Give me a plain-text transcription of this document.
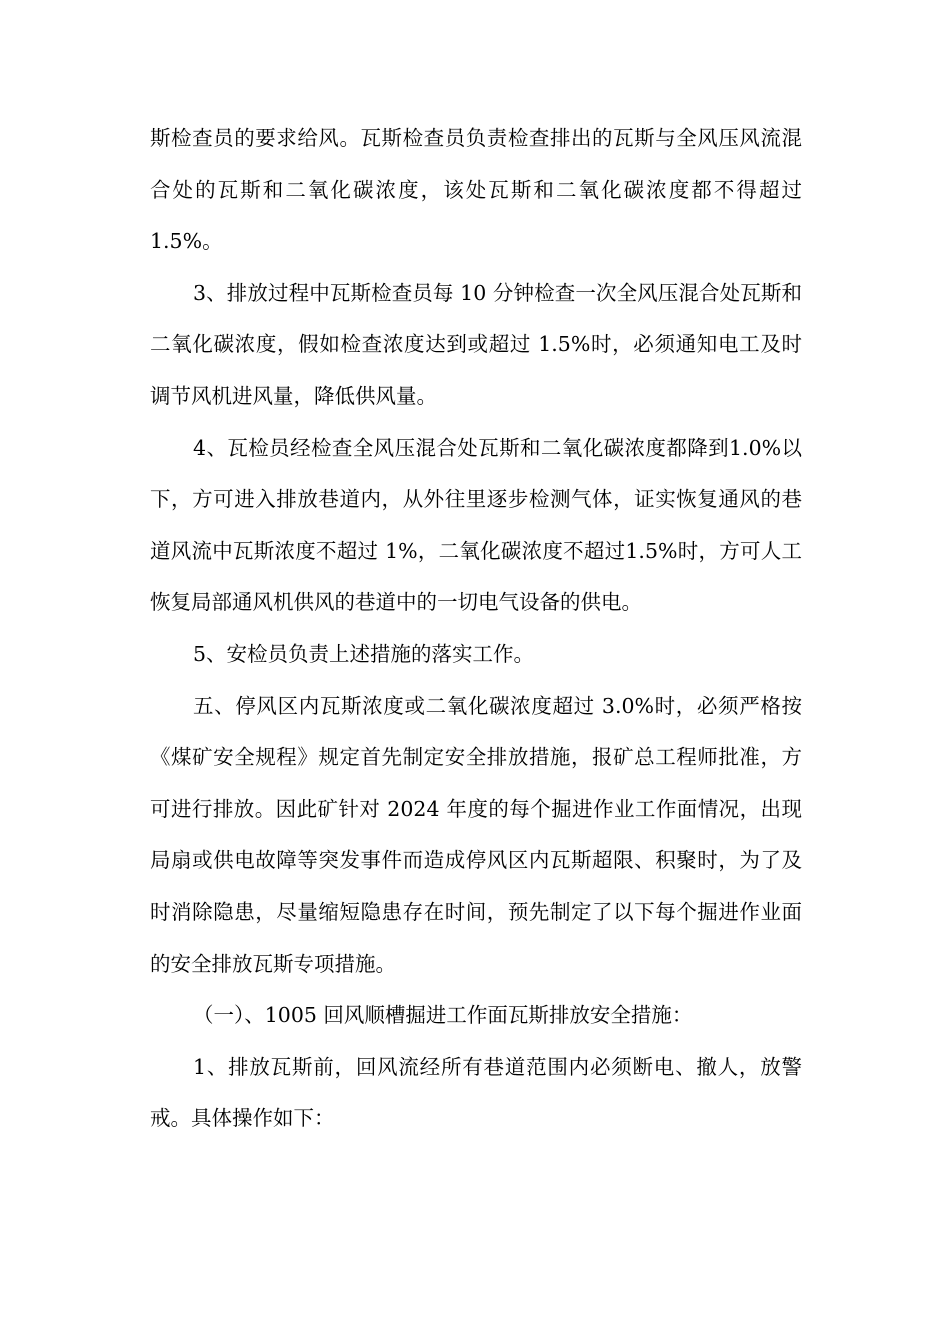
斯检查员的要求给风。瓦斯检查员负责检查排出的瓦斯与全风压风流混合处的瓦斯和二氧化碳浓度，该处瓦斯和二氧化碳浓度都不得超过 1.5%。

3、排放过程中瓦斯检查员每 10 分钟检查一次全风压混合处瓦斯和二氧化碳浓度，假如检查浓度达到或超过 1.5%时，必须通知电工及时调节风机进风量，降低供风量。

4、瓦检员经检查全风压混合处瓦斯和二氧化碳浓度都降到1.0%以下，方可进入排放巷道内，从外往里逐步检测气体，证实恢复通风的巷道风流中瓦斯浓度不超过 1%，二氧化碳浓度不超过1.5%时，方可人工恢复局部通风机供风的巷道中的一切电气设备的供电。

5、安检员负责上述措施的落实工作。

五、停风区内瓦斯浓度或二氧化碳浓度超过 3.0%时，必须严格按《煤矿安全规程》规定首先制定安全排放措施，报矿总工程师批准，方可进行排放。因此矿针对 2024 年度的每个掘进作业工作面情况，出现局扇或供电故障等突发事件而造成停风区内瓦斯超限、积聚时，为了及时消除隐患，尽量缩短隐患存在时间，预先制定了以下每个掘进作业面的安全排放瓦斯专项措施。

（一）、1005 回风顺槽掘进工作面瓦斯排放安全措施：

1、排放瓦斯前，回风流经所有巷道范围内必须断电、撤人，放警戒。具体操作如下：
